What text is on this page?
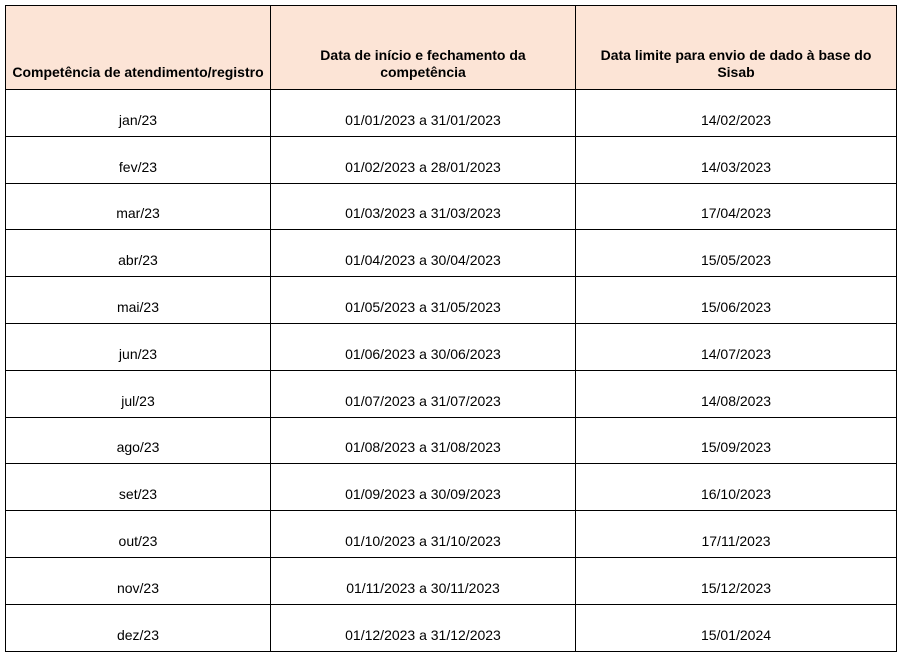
Competência de atendimento/registro	Data de início e fechamento da competência	Data limite para envio de dado à base do Sisab
jan/23	01/01/2023 a 31/01/2023	14/02/2023
fev/23	01/02/2023 a 28/01/2023	14/03/2023
mar/23	01/03/2023 a 31/03/2023	17/04/2023
abr/23	01/04/2023 a 30/04/2023	15/05/2023
mai/23	01/05/2023 a 31/05/2023	15/06/2023
jun/23	01/06/2023 a 30/06/2023	14/07/2023
jul/23	01/07/2023 a 31/07/2023	14/08/2023
ago/23	01/08/2023 a 31/08/2023	15/09/2023
set/23	01/09/2023 a 30/09/2023	16/10/2023
out/23	01/10/2023 a 31/10/2023	17/11/2023
nov/23	01/11/2023 a 30/11/2023	15/12/2023
dez/23	01/12/2023 a 31/12/2023	15/01/2024
